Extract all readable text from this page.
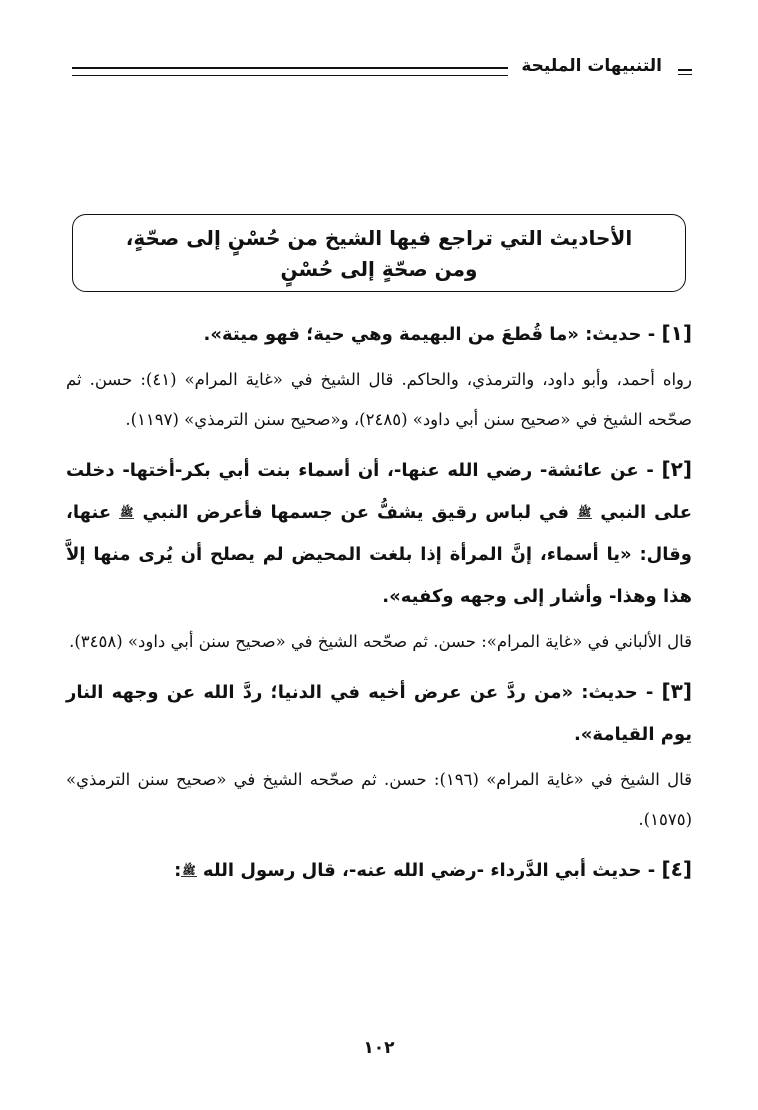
التنبيهات المليحة
الأحاديث التي تراجع فيها الشيخ من حُسْنٍ إلى صحّةٍ،
ومن صحّةٍ إلى حُسْنٍ

[١] - حديث: «ما قُطعَ من البهيمة وهي حية؛ فهو ميتة».

رواه أحمد، وأبو داود، والترمذي، والحاكم. قال الشيخ في «غاية المرام» (٤١): حسن. ثم صحّحه الشيخ في «صحيح سنن أبي داود» (٢٤٨٥)، و«صحيح سنن الترمذي» (١١٩٧).

[٢] - عن عائشة- رضي الله عنها-، أن أسماء بنت أبي بكر-أختها- دخلت على النبي ﷺ في لباس رقيق يشفُّ عن جسمها فأعرض النبي ﷺ عنها، وقال: «يا أسماء، إنَّ المرأة إذا بلغت المحيض لم يصلح أن يُرى منها إلاَّ هذا وهذا- وأشار إلى وجهه وكفيه».

قال الألباني في «غاية المرام»: حسن. ثم صحّحه الشيخ في «صحيح سنن أبي داود» (٣٤٥٨).

[٣] - حديث: «من ردَّ عن عرض أخيه في الدنيا؛ ردَّ الله عن وجهه النار يوم القيامة».

قال الشيخ في «غاية المرام» (١٩٦): حسن. ثم صحّحه الشيخ في «صحيح سنن الترمذي» (١٥٧٥).

[٤] - حديث أبي الدَّرداء -رضي الله عنه-، قال رسول الله ﷺ:

١٠٢
